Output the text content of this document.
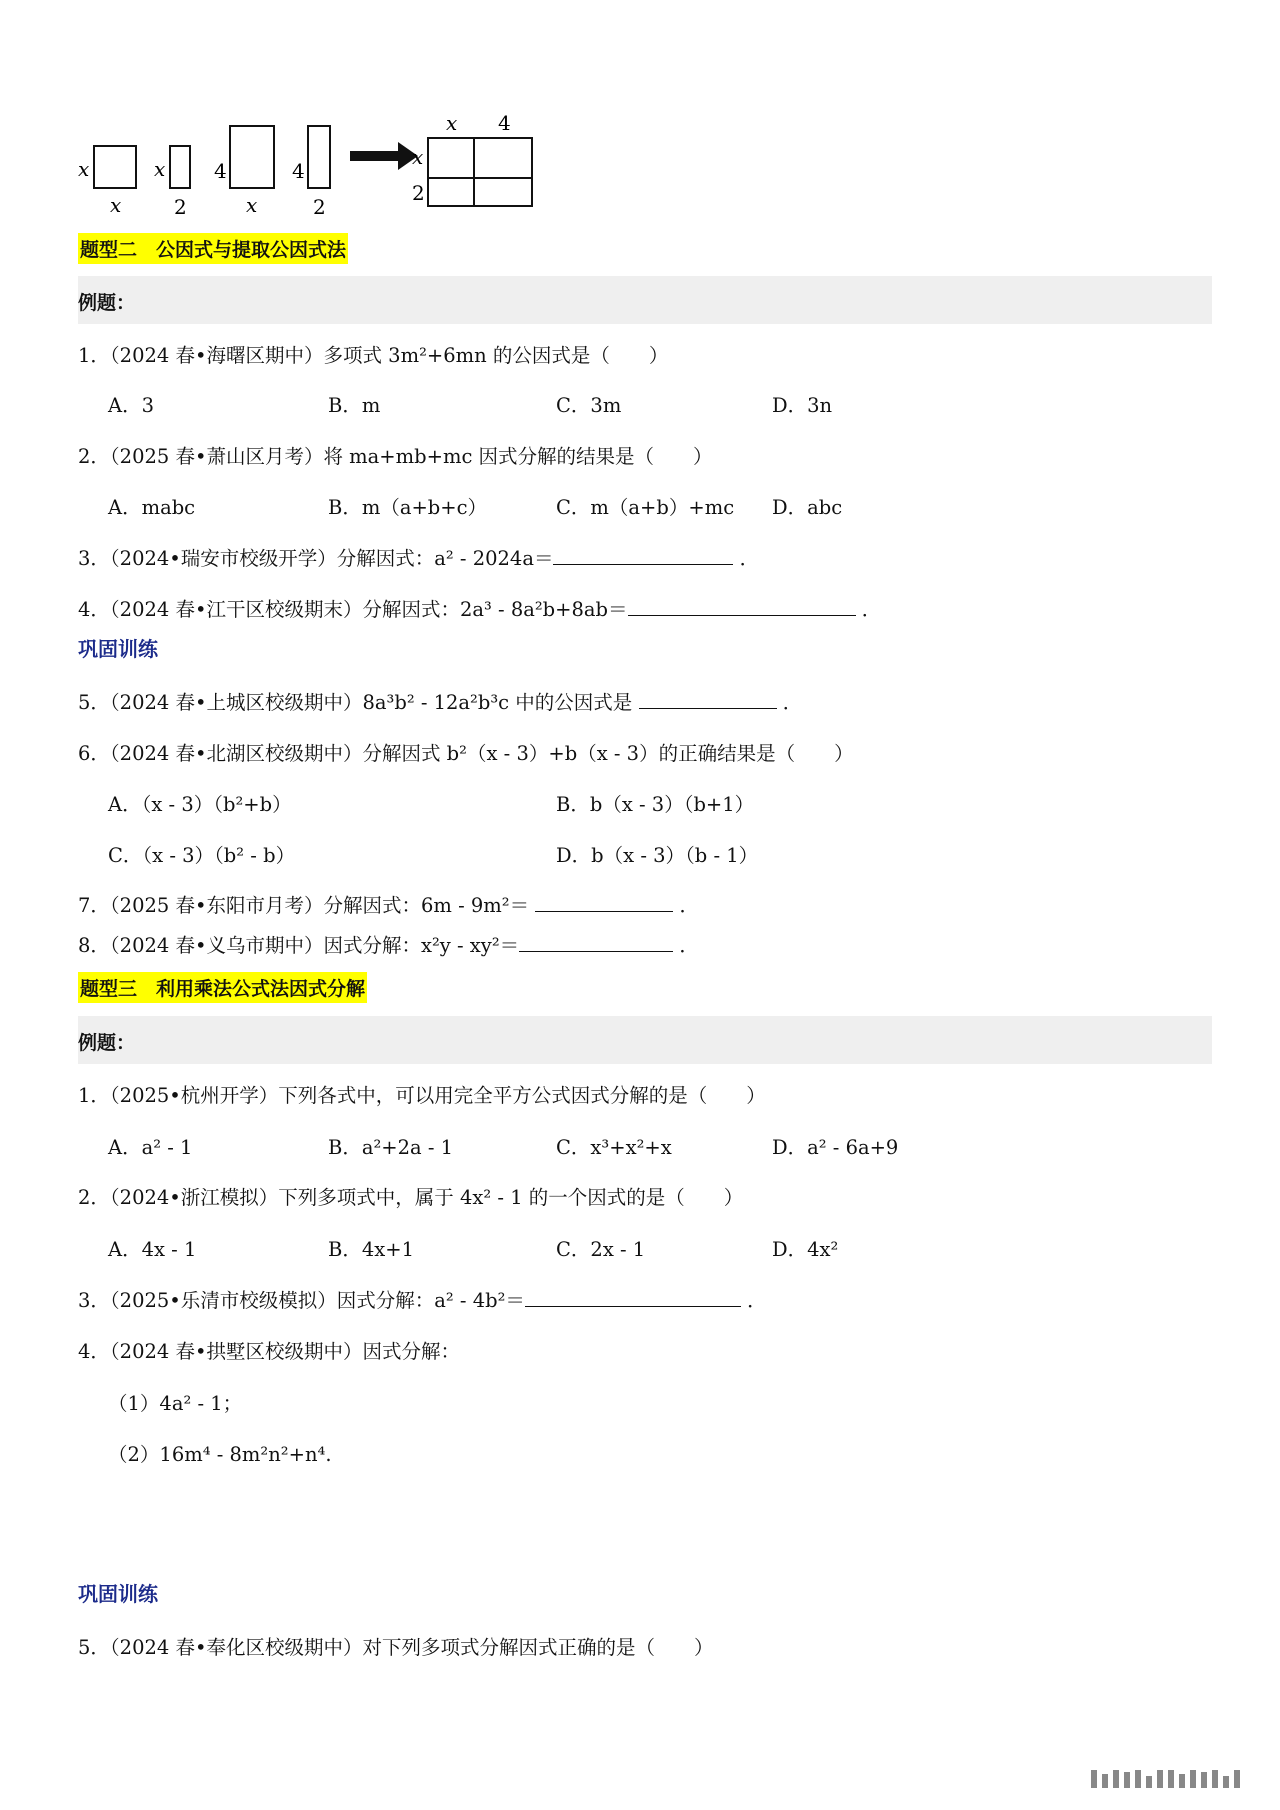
x
x
x
2
4
x
4
2
x 4
x
2
题型二　公因式与提取公因式法
例题：
1．（2024 春•海曙区期中）多项式 3m²+6mn 的公因式是（　　）
A．3	B．m	C．3m	D．3n
2．（2025 春•萧山区月考）将 ma+mb+mc 因式分解的结果是（　　）
A．mabc	B．m（a+b+c）	C．m（a+b）+mc D．abc
3．（2024•瑞安市校级开学）分解因式：a² - 2024a＝	．
4．（2024 春•江干区校级期末）分解因式：2a³ - 8a²b+8ab＝	．
巩固训练
5．（2024 春•上城区校级期中）8a³b² - 12a²b³c 中的公因式是	．
6．（2024 春•北湖区校级期中）分解因式 b²（x - 3）+b（x - 3）的正确结果是（　　）
A．（x - 3）（b²+b）	B．b（x - 3）（b+1）
C．（x - 3）（b² - b）	D．b（x - 3）（b - 1）
7．（2025 春•东阳市月考）分解因式：6m - 9m²＝	．
8．（2024 春•义乌市期中）因式分解：x²y - xy²＝	．
题型三　利用乘法公式法因式分解
例题：
1．（2025•杭州开学）下列各式中，可以用完全平方公式因式分解的是（　　）
A．a² - 1	B．a²+2a - 1	C．x³+x²+x	D．a² - 6a+9
2．（2024•浙江模拟）下列多项式中，属于 4x² - 1 的一个因式的是（　　）
A．4x - 1	B．4x+1	C．2x - 1	D．4x²
3．（2025•乐清市校级模拟）因式分解：a² - 4b²＝	．
4．（2024 春•拱墅区校级期中）因式分解：
（1）4a² - 1；
（2）16m⁴ - 8m²n²+n⁴.
巩固训练
5．（2024 春•奉化区校级期中）对下列多项式分解因式正确的是（　　）
